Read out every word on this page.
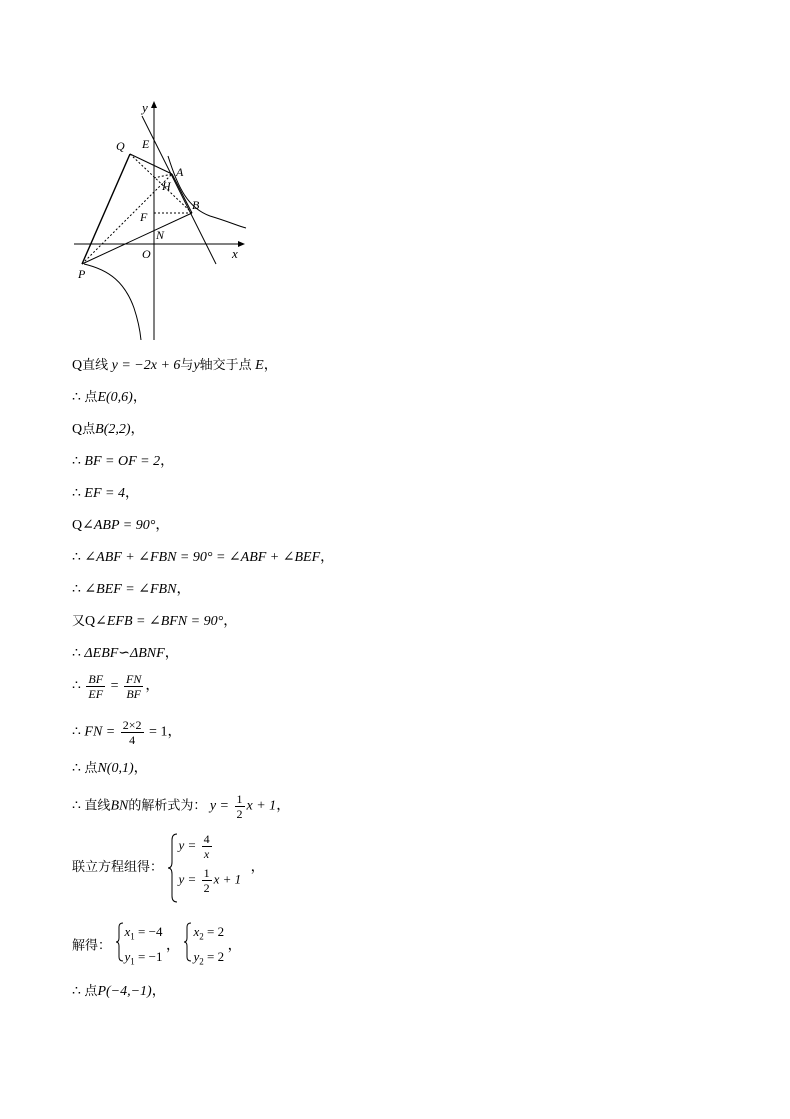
y
x
O
Q E
A
H
B
F
N
P
Q直线 y = −2x + 6与y轴交于点 E，
∴ 点E(0,6)，
Q点B(2,2)，
∴ BF = OF = 2，
∴ EF = 4，
Q∠ABP = 90°，
∴ ∠ABF + ∠FBN = 90° = ∠ABF + ∠BEF，
∴ ∠BEF = ∠FBN，
又Q∠EFB = ∠BFN = 90°，
∴ ΔEBF∽ΔBNF，
∴ $\frac{BF}{EF} = \frac{FN}{BF}$ ，
∴ FN = $\frac{2\times 2}{4} = 1$，
∴ 点N(0,1)，
∴ 直线BN的解析式为： $y = \frac{1}{2}$ x + 1，
联立方程组得：
$y = \frac{4}{x}$
$y = \frac{1}{2}$ x + 1
，
解得：
$x_1 = -4$
$y_1 = -1$
，
$x_2 = 2$
$y_2 = 2$
，
∴ 点P(−4,−1)，
